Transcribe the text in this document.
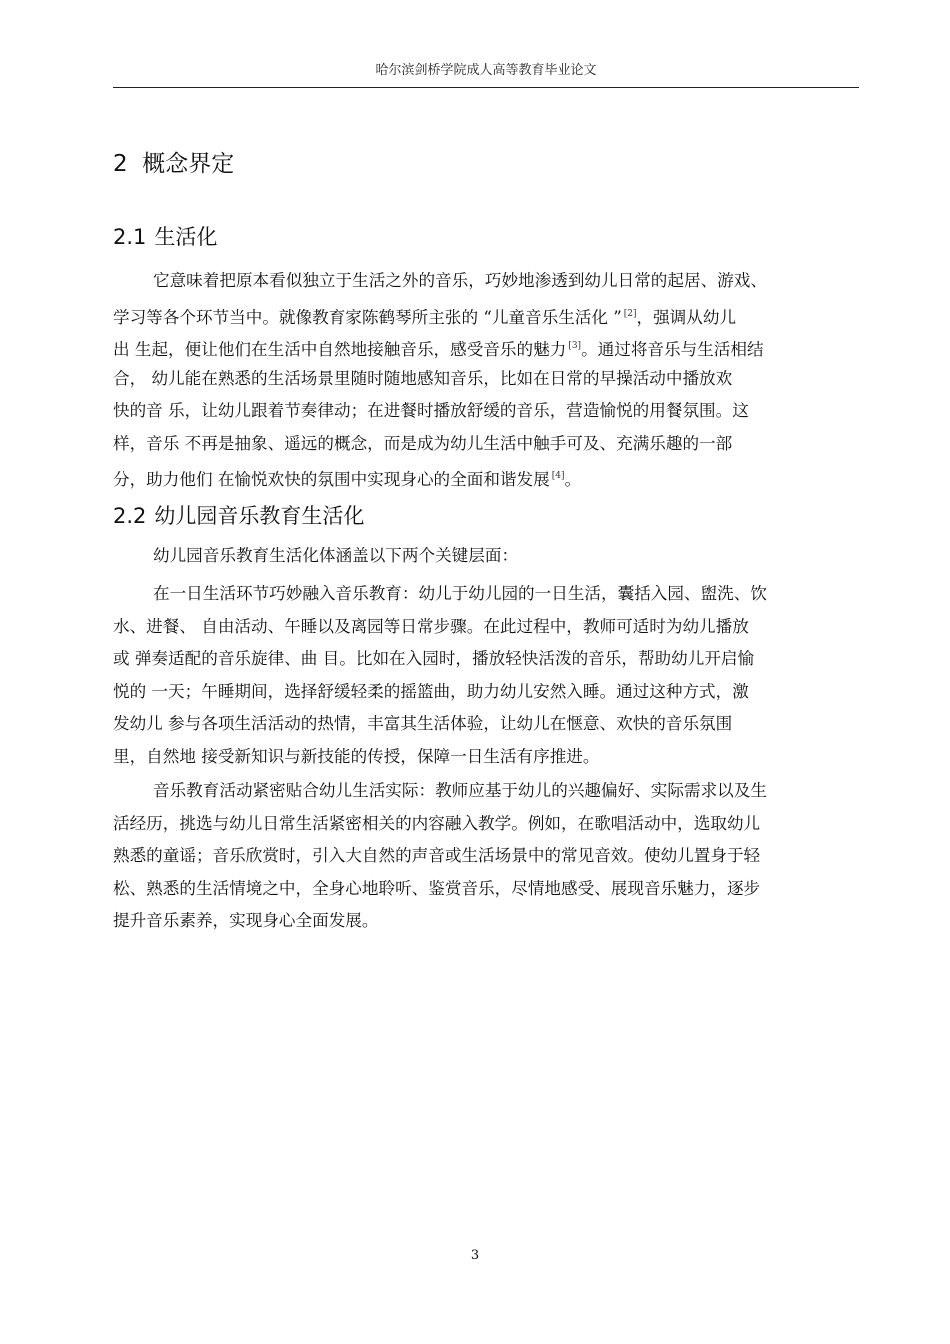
哈尔滨剑桥学院成人高等教育毕业论文
2 概念界定
2.1 生活化
它意味着把原本看似独立于生活之外的音乐，巧妙地渗透到幼儿日常的起居、游戏、
学习等各个环节当中。就像教育家陈鹤琴所主张的 “儿童音乐生活化 ” [2]，强调从幼儿
出 生起，便让他们在生活中自然地接触音乐，感受音乐的魅力 [3]。通过将音乐与生活相结
合， 幼儿能在熟悉的生活场景里随时随地感知音乐，比如在日常的早操活动中播放欢
快的音 乐，让幼儿跟着节奏律动；在进餐时播放舒缓的音乐，营造愉悦的用餐氛围。这
样，音乐 不再是抽象、遥远的概念，而是成为幼儿生活中触手可及、充满乐趣的一部
分，助力他们 在愉悦欢快的氛围中实现身心的全面和谐发展 [4]。
2.2 幼儿园音乐教育生活化
幼儿园音乐教育生活化体涵盖以下两个关键层面：
在一日生活环节巧妙融入音乐教育：幼儿于幼儿园的一日生活，囊括入园、盥洗、饮
水、进餐、 自由活动、午睡以及离园等日常步骤。在此过程中，教师可适时为幼儿播放
或 弹奏适配的音乐旋律、曲 目。比如在入园时，播放轻快活泼的音乐，帮助幼儿开启愉
悦的 一天；午睡期间，选择舒缓轻柔的摇篮曲，助力幼儿安然入睡。通过这种方式，激
发幼儿 参与各项生活活动的热情，丰富其生活体验，让幼儿在惬意、欢快的音乐氛围
里，自然地 接受新知识与新技能的传授，保障一日生活有序推进。
音乐教育活动紧密贴合幼儿生活实际：教师应基于幼儿的兴趣偏好、实际需求以及生
活经历，挑选与幼儿日常生活紧密相关的内容融入教学。例如，在歌唱活动中，选取幼儿
熟悉的童谣；音乐欣赏时，引入大自然的声音或生活场景中的常见音效。使幼儿置身于轻
松、熟悉的生活情境之中，全身心地聆听、鉴赏音乐，尽情地感受、展现音乐魅力，逐步
提升音乐素养，实现身心全面发展。
3
